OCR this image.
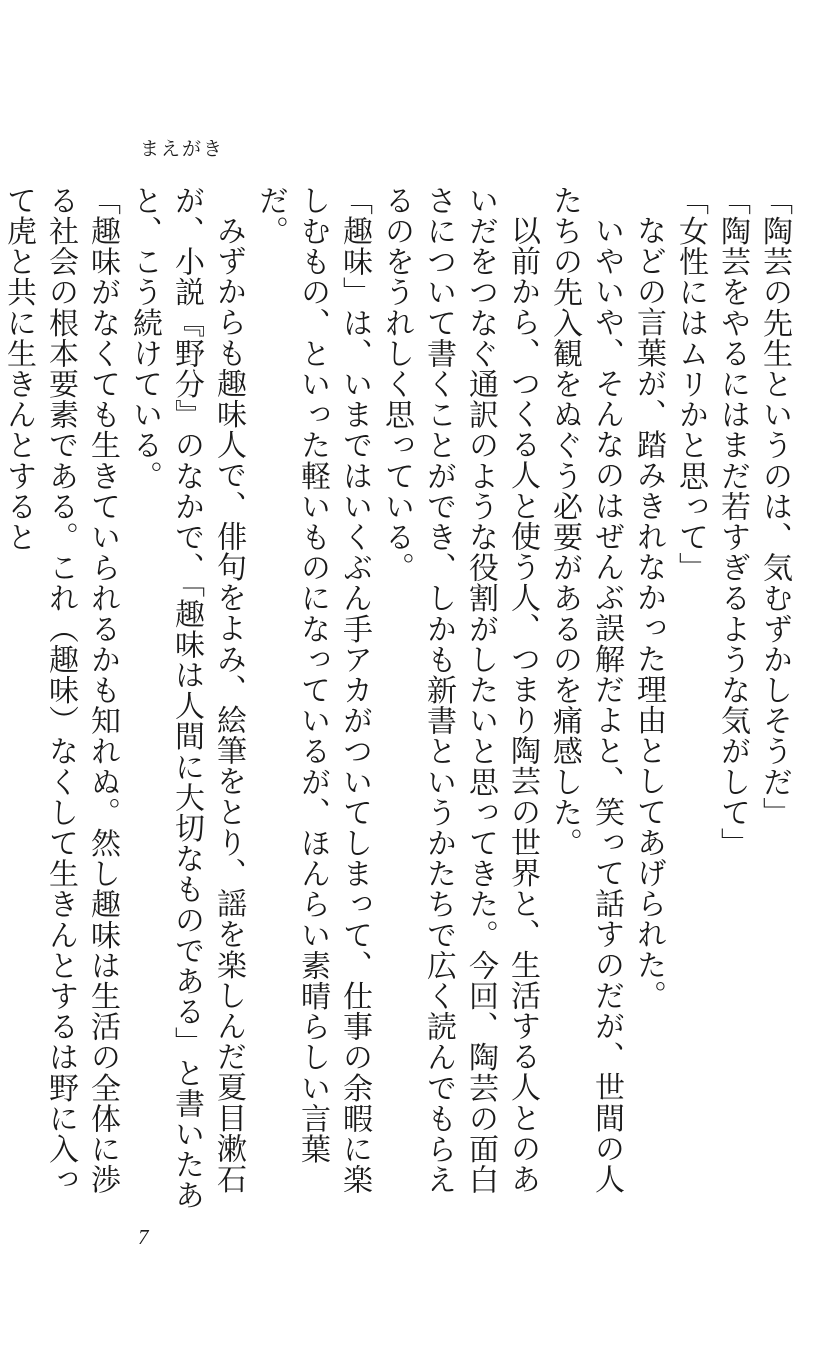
まえがき

「陶芸の先生というのは、気むずかしそうだ」

「陶芸をやるにはまだ若すぎるような気がして」

「女性にはムリかと思って」

などの言葉が、踏みきれなかった理由としてあげられた。

いやいや、そんなのはぜんぶ誤解だよと、笑って話すのだが、世間の人たちの先入観をぬぐう必要があるのを痛感した。

以前から、つくる人と使う人、つまり陶芸の世界と、生活する人とのあいだをつなぐ通訳のような役割がしたいと思ってきた。今回、陶芸の面白さについて書くことができ、しかも新書というかたちで広く読んでもらえるのをうれしく思っている。

「趣味」は、いまではいくぶん手アカがついてしまって、仕事の余暇に楽しむもの、といった軽いものになっているが、ほんらい素晴らしい言葉だ。

みずからも趣味人で、俳句をよみ、絵筆をとり、謡を楽しんだ夏目漱石が、小説『野分』のなかで、「趣味は人間に大切なものである」と書いたあと、こう続けている。

「趣味がなくても生きていられるかも知れぬ。然し趣味は生活の全体に渉る社会の根本要素である。これ（趣味）なくして生きんとするは野に入って虎と共に生きんとすると

7
